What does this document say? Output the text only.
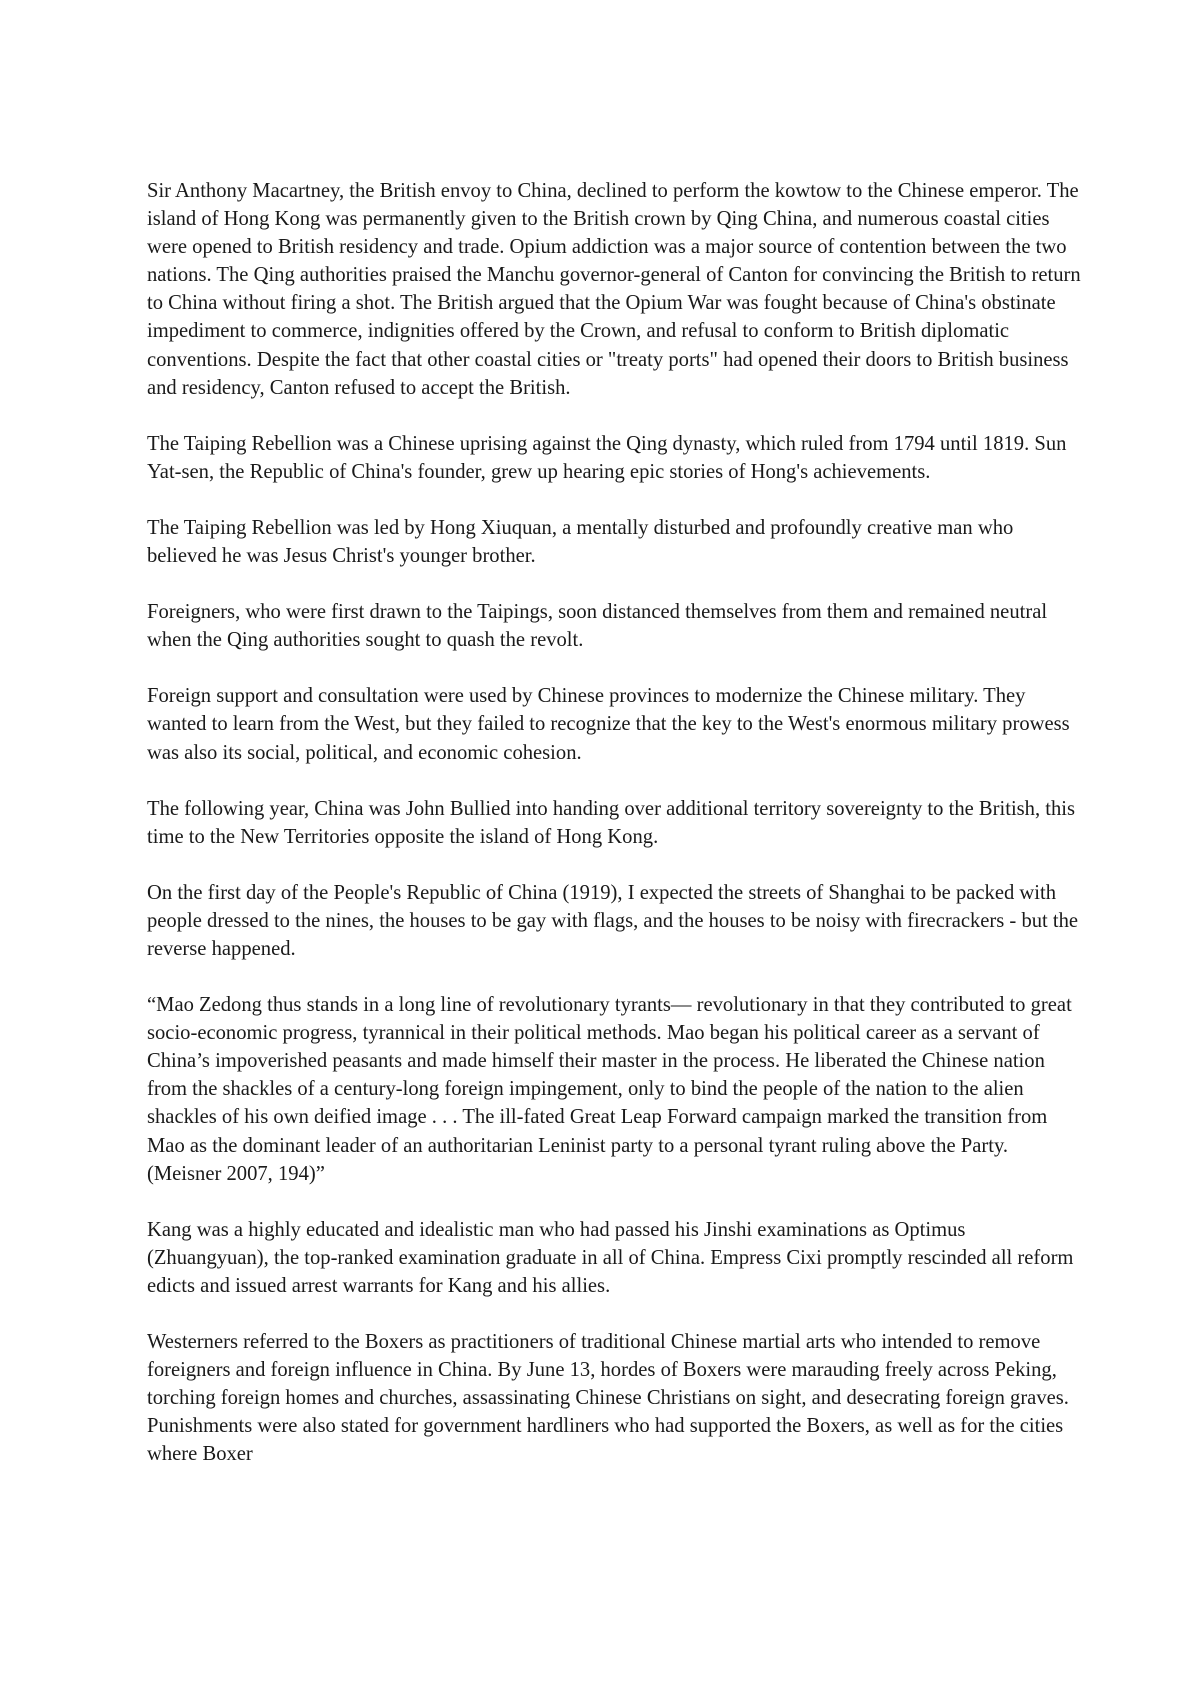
Sir Anthony Macartney, the British envoy to China, declined to perform the kowtow to the Chinese emperor. The island of Hong Kong was permanently given to the British crown by Qing China, and numerous coastal cities were opened to British residency and trade. Opium addiction was a major source of contention between the two nations. The Qing authorities praised the Manchu governor-general of Canton for convincing the British to return to China without firing a shot. The British argued that the Opium War was fought because of China's obstinate impediment to commerce, indignities offered by the Crown, and refusal to conform to British diplomatic conventions. Despite the fact that other coastal cities or "treaty ports" had opened their doors to British business and residency, Canton refused to accept the British.

The Taiping Rebellion was a Chinese uprising against the Qing dynasty, which ruled from 1794 until 1819. Sun Yat-sen, the Republic of China's founder, grew up hearing epic stories of Hong's achievements.

The Taiping Rebellion was led by Hong Xiuquan, a mentally disturbed and profoundly creative man who believed he was Jesus Christ's younger brother.

Foreigners, who were first drawn to the Taipings, soon distanced themselves from them and remained neutral when the Qing authorities sought to quash the revolt.

Foreign support and consultation were used by Chinese provinces to modernize the Chinese military. They wanted to learn from the West, but they failed to recognize that the key to the West's enormous military prowess was also its social, political, and economic cohesion.

The following year, China was John Bullied into handing over additional territory sovereignty to the British, this time to the New Territories opposite the island of Hong Kong.

On the first day of the People's Republic of China (1919), I expected the streets of Shanghai to be packed with people dressed to the nines, the houses to be gay with flags, and the houses to be noisy with firecrackers - but the reverse happened.

“Mao Zedong thus stands in a long line of revolutionary tyrants— revolutionary in that they contributed to great socio-economic progress, tyrannical in their political methods. Mao began his political career as a servant of China’s impoverished peasants and made himself their master in the process. He liberated the Chinese nation from the shackles of a century-long foreign impingement, only to bind the people of the nation to the alien shackles of his own deified image . . . The ill-fated Great Leap Forward campaign marked the transition from Mao as the dominant leader of an authoritarian Leninist party to a personal tyrant ruling above the Party. (Meisner 2007, 194)”

Kang was a highly educated and idealistic man who had passed his Jinshi examinations as Optimus (Zhuangyuan), the top-ranked examination graduate in all of China. Empress Cixi promptly rescinded all reform edicts and issued arrest warrants for Kang and his allies.

Westerners referred to the Boxers as practitioners of traditional Chinese martial arts who intended to remove foreigners and foreign influence in China. By June 13, hordes of Boxers were marauding freely across Peking, torching foreign homes and churches, assassinating Chinese Christians on sight, and desecrating foreign graves. Punishments were also stated for government hardliners who had supported the Boxers, as well as for the cities where Boxer
